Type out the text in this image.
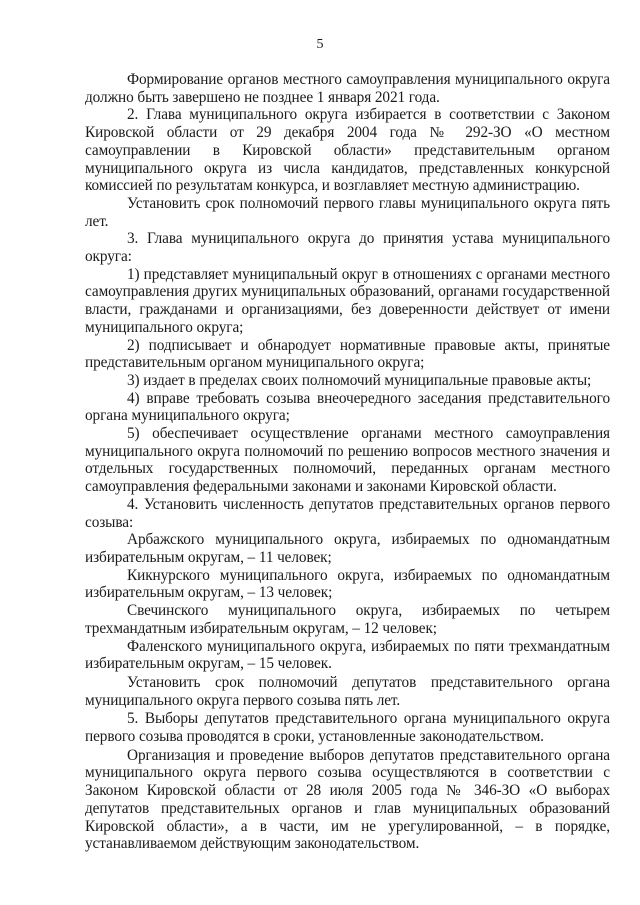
5

Формирование органов местного самоуправления муниципального округа должно быть завершено не позднее 1 января 2021 года.

2. Глава муниципального округа избирается в соответствии с Законом Кировской области от 29 декабря 2004 года № 292-ЗО «О местном самоуправлении в Кировской области» представительным органом муниципального округа из числа кандидатов, представленных конкурсной комиссией по результатам конкурса, и возглавляет местную администрацию.

Установить срок полномочий первого главы муниципального округа пять лет.

3. Глава муниципального округа до принятия устава муниципального округа:

1) представляет муниципальный округ в отношениях с органами местного самоуправления других муниципальных образований, органами государственной власти, гражданами и организациями, без доверенности действует от имени муниципального округа;

2) подписывает и обнародует нормативные правовые акты, принятые представительным органом муниципального округа;

3) издает в пределах своих полномочий муниципальные правовые акты;

4) вправе требовать созыва внеочередного заседания представительного органа муниципального округа;

5) обеспечивает осуществление органами местного самоуправления муниципального округа полномочий по решению вопросов местного значения и отдельных государственных полномочий, переданных органам местного самоуправления федеральными законами и законами Кировской области.

4. Установить численность депутатов представительных органов первого созыва:

Арбажского муниципального округа, избираемых по одномандатным избирательным округам, – 11 человек;

Кикнурского муниципального округа, избираемых по одномандатным избирательным округам, – 13 человек;

Свечинского муниципального округа, избираемых по четырем трехмандатным избирательным округам, – 12 человек;

Фаленского муниципального округа, избираемых по пяти трехмандатным избирательным округам, – 15 человек.

Установить срок полномочий депутатов представительного органа муниципального округа первого созыва пять лет.

5. Выборы депутатов представительного органа муниципального округа первого созыва проводятся в сроки, установленные законодательством.

Организация и проведение выборов депутатов представительного органа муниципального округа первого созыва осуществляются в соответствии с Законом Кировской области от 28 июля 2005 года № 346-ЗО «О выборах депутатов представительных органов и глав муниципальных образований Кировской области», а в части, им не урегулированной, – в порядке, устанавливаемом действующим законодательством.
